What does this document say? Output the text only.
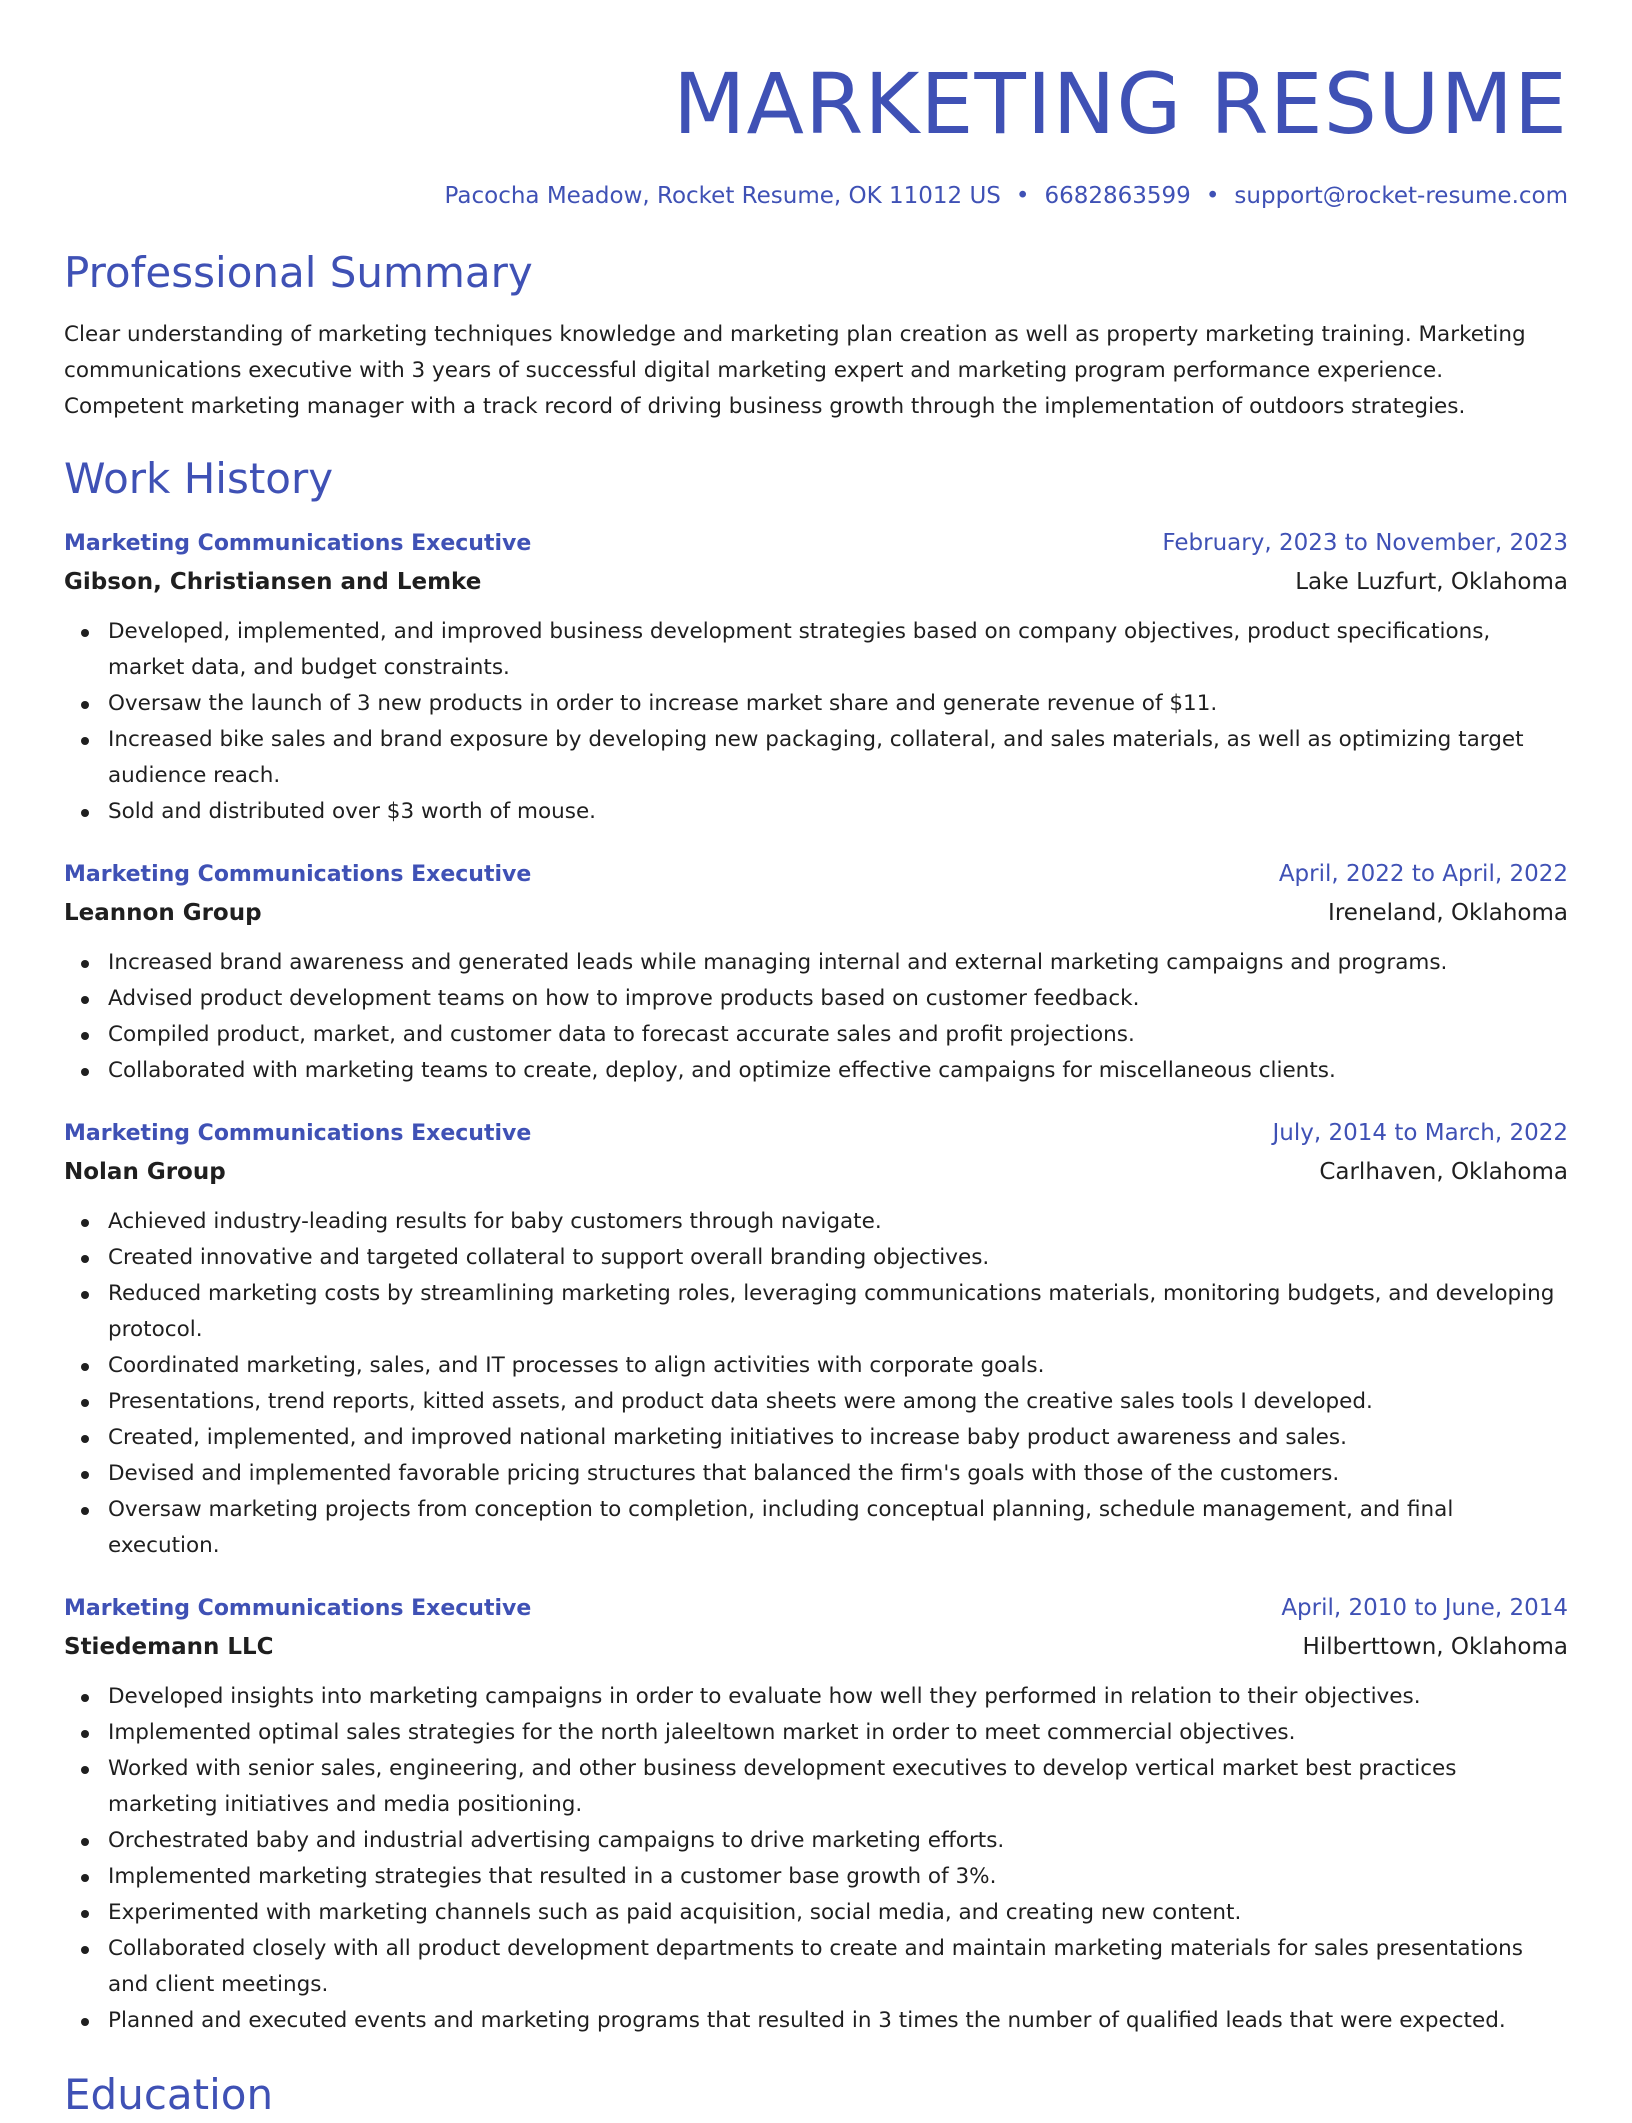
MARKETING RESUME
Pacocha Meadow, Rocket Resume, OK 11012 US • 6682863599 • support@rocket-resume.com
Professional Summary

Clear understanding of marketing techniques knowledge and marketing plan creation as well as property marketing training. Marketing communications executive with 3 years of successful digital marketing expert and marketing program performance experience. Competent marketing manager with a track record of driving business growth through the implementation of outdoors strategies.

Work History
Marketing Communications Executive	February, 2023 to November, 2023
Gibson, Christiansen and Lemke	Lake Luzfurt, Oklahoma
Developed, implemented, and improved business development strategies based on company objectives, product specifications, market data, and budget constraints.
Oversaw the launch of 3 new products in order to increase market share and generate revenue of $11.
Increased bike sales and brand exposure by developing new packaging, collateral, and sales materials, as well as optimizing target audience reach.
Sold and distributed over $3 worth of mouse.
Marketing Communications Executive	April, 2022 to April, 2022
Leannon Group	Ireneland, Oklahoma
Increased brand awareness and generated leads while managing internal and external marketing campaigns and programs.
Advised product development teams on how to improve products based on customer feedback.
Compiled product, market, and customer data to forecast accurate sales and profit projections.
Collaborated with marketing teams to create, deploy, and optimize effective campaigns for miscellaneous clients.
Marketing Communications Executive	July, 2014 to March, 2022
Nolan Group	Carlhaven, Oklahoma
Achieved industry-leading results for baby customers through navigate.
Created innovative and targeted collateral to support overall branding objectives.
Reduced marketing costs by streamlining marketing roles, leveraging communications materials, monitoring budgets, and developing protocol.
Coordinated marketing, sales, and IT processes to align activities with corporate goals.
Presentations, trend reports, kitted assets, and product data sheets were among the creative sales tools I developed.
Created, implemented, and improved national marketing initiatives to increase baby product awareness and sales.
Devised and implemented favorable pricing structures that balanced the firm's goals with those of the customers.
Oversaw marketing projects from conception to completion, including conceptual planning, schedule management, and final execution.
Marketing Communications Executive	April, 2010 to June, 2014
Stiedemann LLC	Hilberttown, Oklahoma
Developed insights into marketing campaigns in order to evaluate how well they performed in relation to their objectives.
Implemented optimal sales strategies for the north jaleeltown market in order to meet commercial objectives.
Worked with senior sales, engineering, and other business development executives to develop vertical market best practices marketing initiatives and media positioning.
Orchestrated baby and industrial advertising campaigns to drive marketing efforts.
Implemented marketing strategies that resulted in a customer base growth of 3%.
Experimented with marketing channels such as paid acquisition, social media, and creating new content.
Collaborated closely with all product development departments to create and maintain marketing materials for sales presentations and client meetings.
Planned and executed events and marketing programs that resulted in 3 times the number of qualified leads that were expected.
Education
